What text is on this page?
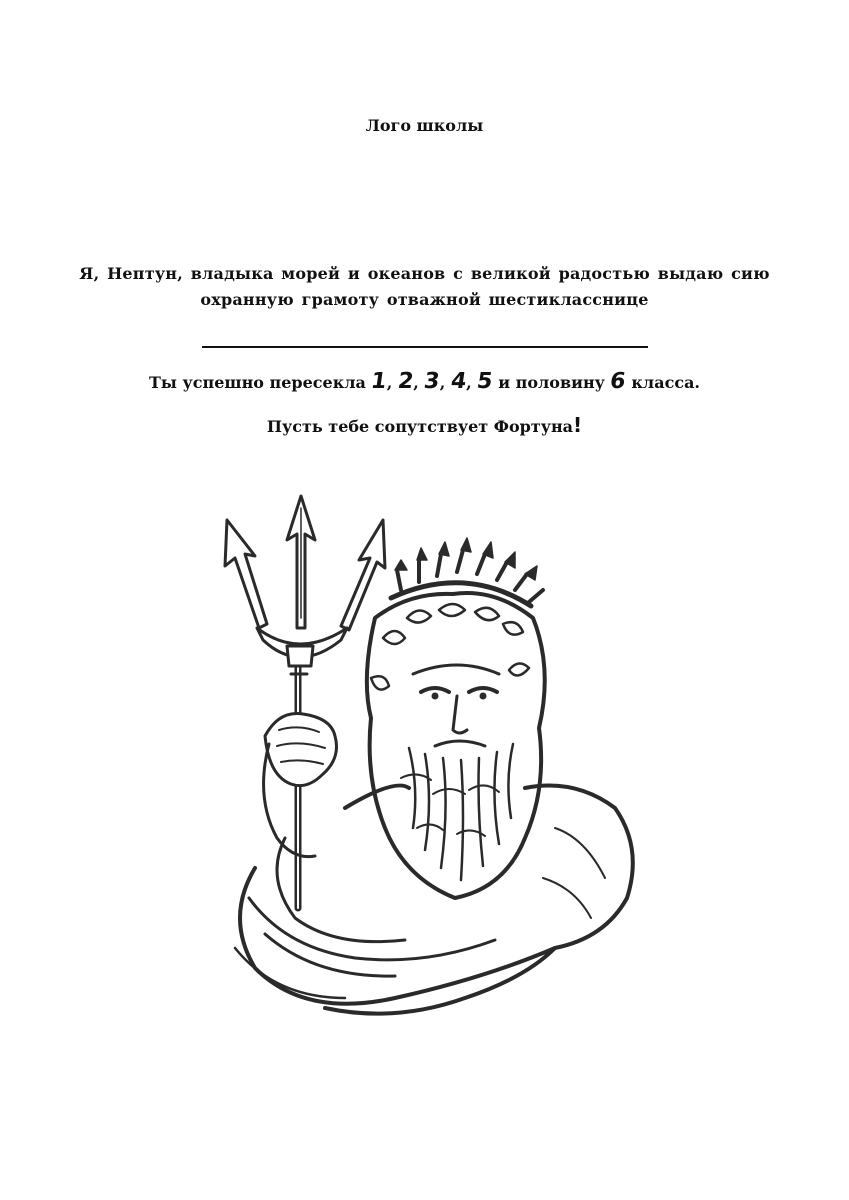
Лого школы
Я, Нептун, владыка морей и океанов с великой радостью выдаю сию
охранную грамоту отважной шестикласснице
Ты успешно пересекла 1, 2, 3, 4, 5 и половину 6 класса.
Пусть тебе сопутствует Фортуна!
